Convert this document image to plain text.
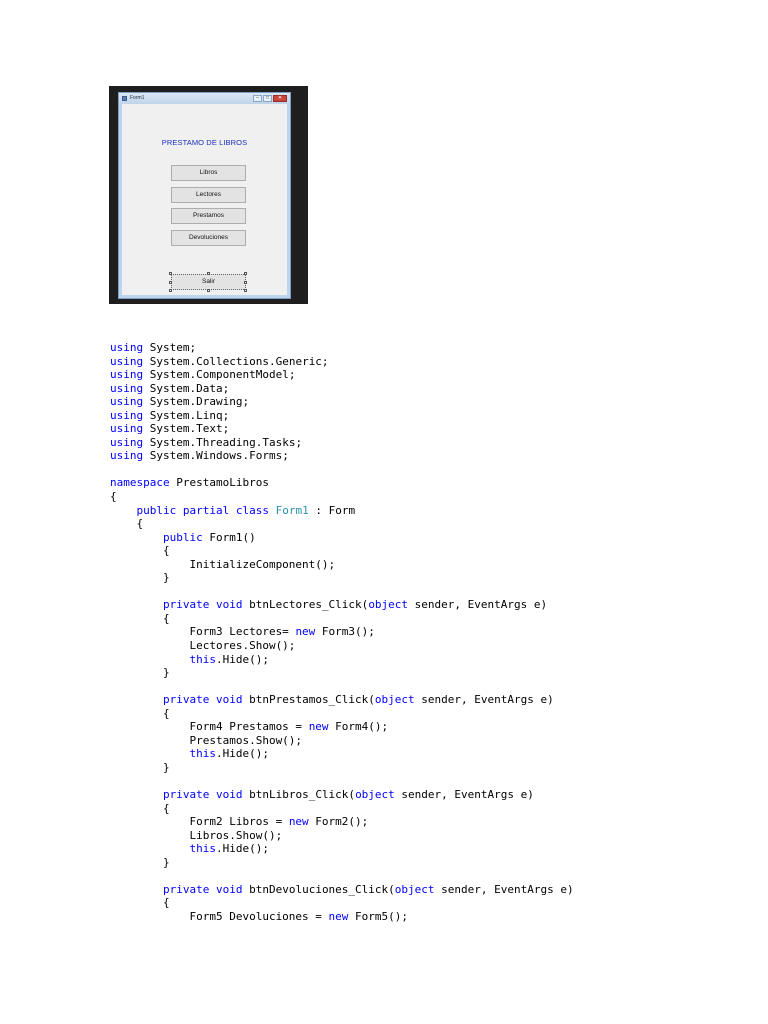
Form1	–	□	✕
PRESTAMO DE LIBROS
Libros
Lectores
Prestamos
Devoluciones
Salir
using System;
using System.Collections.Generic;
using System.ComponentModel;
using System.Data;
using System.Drawing;
using System.Linq;
using System.Text;
using System.Threading.Tasks;
using System.Windows.Forms;

namespace PrestamoLibros
{
public partial class Form1 : Form
{
public Form1()
{
InitializeComponent();
}

private void btnLectores_Click(object sender, EventArgs e)
{
Form3 Lectores= new Form3();
Lectores.Show();
this.Hide();
}

private void btnPrestamos_Click(object sender, EventArgs e)
{
Form4 Prestamos = new Form4();
Prestamos.Show();
this.Hide();
}

private void btnLibros_Click(object sender, EventArgs e)
{
Form2 Libros = new Form2();
Libros.Show();
this.Hide();
}

private void btnDevoluciones_Click(object sender, EventArgs e)
{
Form5 Devoluciones = new Form5();
